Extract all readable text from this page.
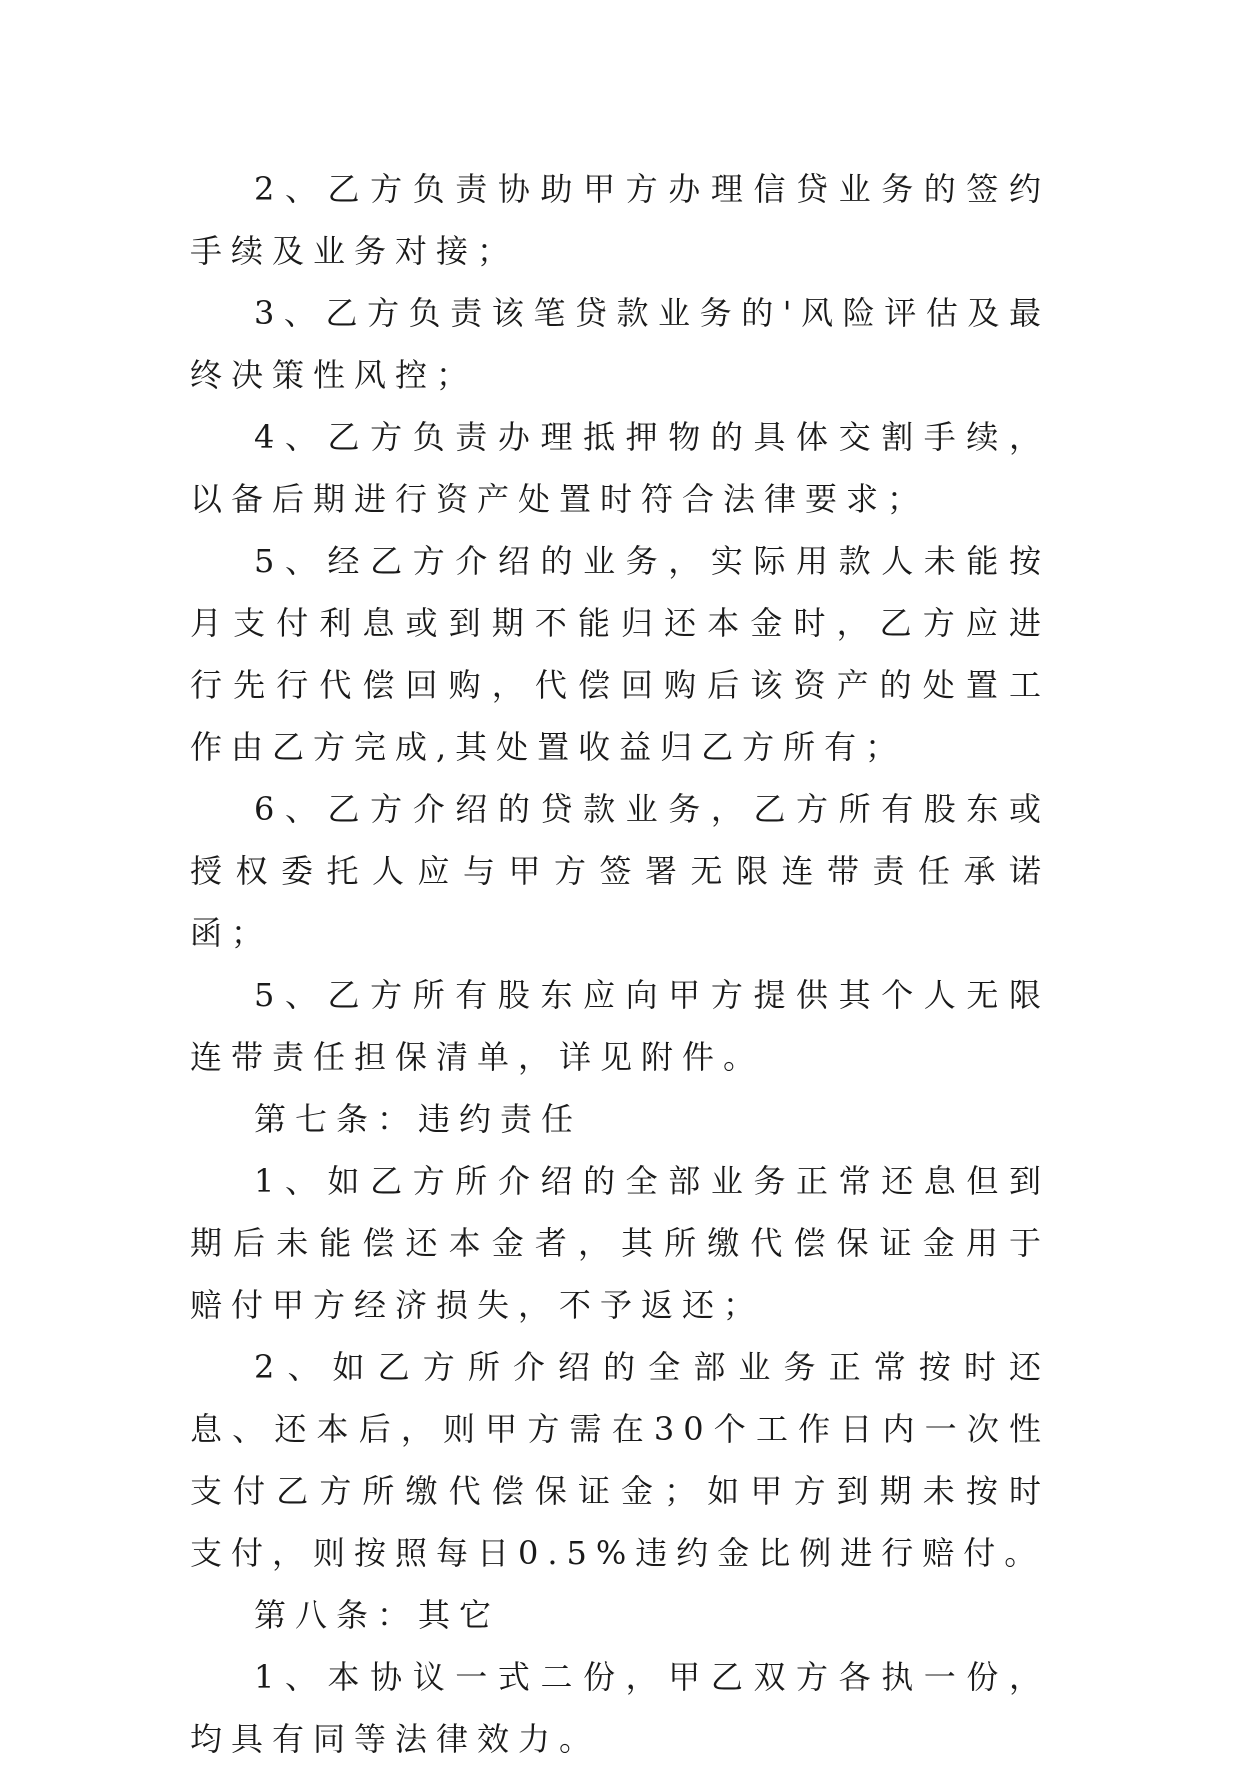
2、乙方负责协助甲方办理信贷业务的签约手续及业务对接；

3、乙方负责该笔贷款业务的'风险评估及最终决策性风控；

4、乙方负责办理抵押物的具体交割手续，以备后期进行资产处置时符合法律要求；

5、经乙方介绍的业务，实际用款人未能按月支付利息或到期不能归还本金时，乙方应进行先行代偿回购，代偿回购后该资产的处置工作由乙方完成,其处置收益归乙方所有；

6、乙方介绍的贷款业务，乙方所有股东或授权委托人应与甲方签署无限连带责任承诺函；

5、乙方所有股东应向甲方提供其个人无限连带责任担保清单，详见附件。

第七条：违约责任

1、如乙方所介绍的全部业务正常还息但到期后未能偿还本金者，其所缴代偿保证金用于赔付甲方经济损失，不予返还；

2、如乙方所介绍的全部业务正常按时还息、还本后，则甲方需在30个工作日内一次性支付乙方所缴代偿保证金；如甲方到期未按时支付，则按照每日0.5%违约金比例进行赔付。

第八条：其它

1、本协议一式二份，甲乙双方各执一份，均具有同等法律效力。
